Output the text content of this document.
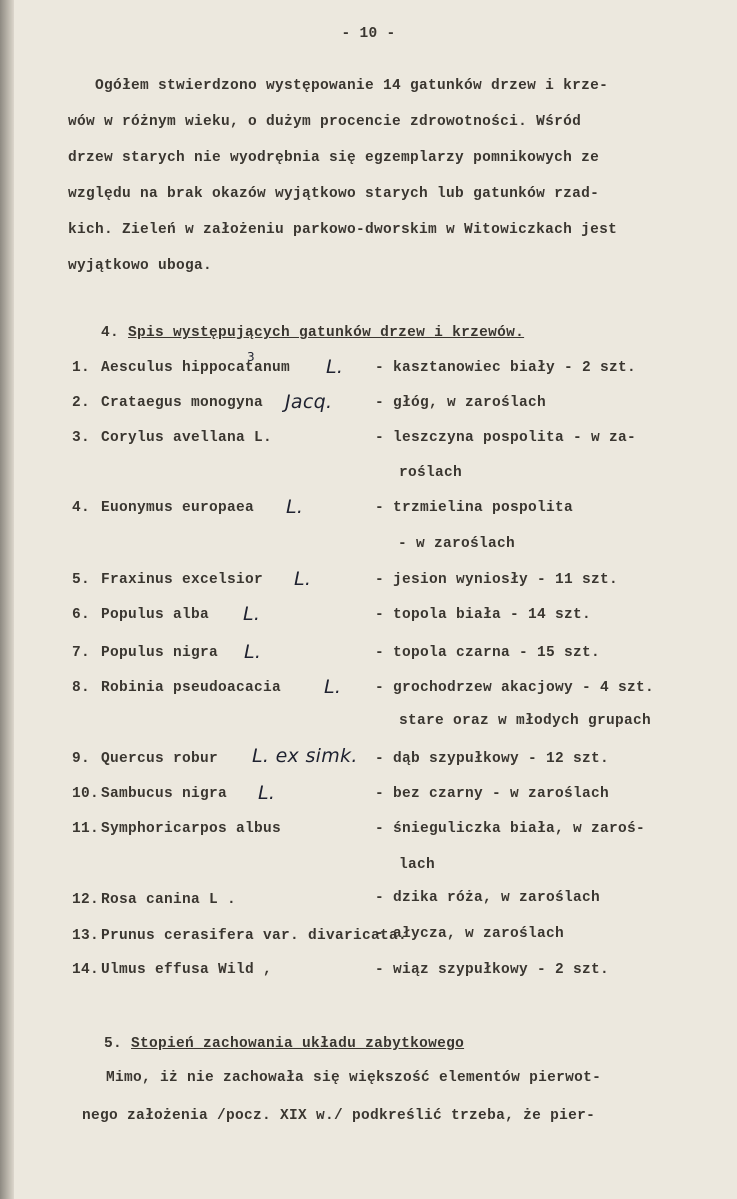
- 10 -
Ogółem stwierdzono występowanie 14 gatunków drzew i krze-
wów w różnym wieku, o dużym procencie zdrowotności. Wśród
drzew starych nie wyodrębnia się egzemplarzy pomnikowych ze
względu na brak okazów wyjątkowo starych lub gatunków rzad-
kich. Zieleń w założeniu parkowo-dworskim w Witowiczkach jest
wyjątkowo uboga.
4. Spis występujących gatunków drzew i krzewów.
3
1. Aesculus hippocatanum L. - kasztanowiec biały - 2 szt.
2. Crataegus monogyna Jacq.	- głóg, w zaroślach
3. Corylus avellana L.	- leszczyna pospolita - w za-
roślach
4. Euonymus europaea L.	- trzmielina pospolita
- w zaroślach
5. Fraxinus excelsior L.	- jesion wyniosły - 11 szt.
6. Populus alba L.	- topola biała - 14 szt.
7. Populus nigra L.	- topola czarna - 15 szt.
8. Robinia pseudoacacia L. - grochodrzew akacjowy - 4 szt.
stare oraz w młodych grupach
9. Quercus robur L. ex simk. - dąb szypułkowy - 12 szt.
10. Sambucus nigra L.	- bez czarny - w zaroślach
11. Symphoricarpos albus	- śnieguliczka biała, w zaroś-
lach
12. Rosa canina L .	- dzika róża, w zaroślach
13. Prunus cerasifera var. divaricata.
- ałycza, w zaroślach
14. Ulmus effusa Wild ,	- wiąz szypułkowy - 2 szt.
5. Stopień zachowania układu zabytkowego
Mimo, iż nie zachowała się większość elementów pierwot-
nego założenia /pocz. XIX w./ podkreślić trzeba, że pier-
